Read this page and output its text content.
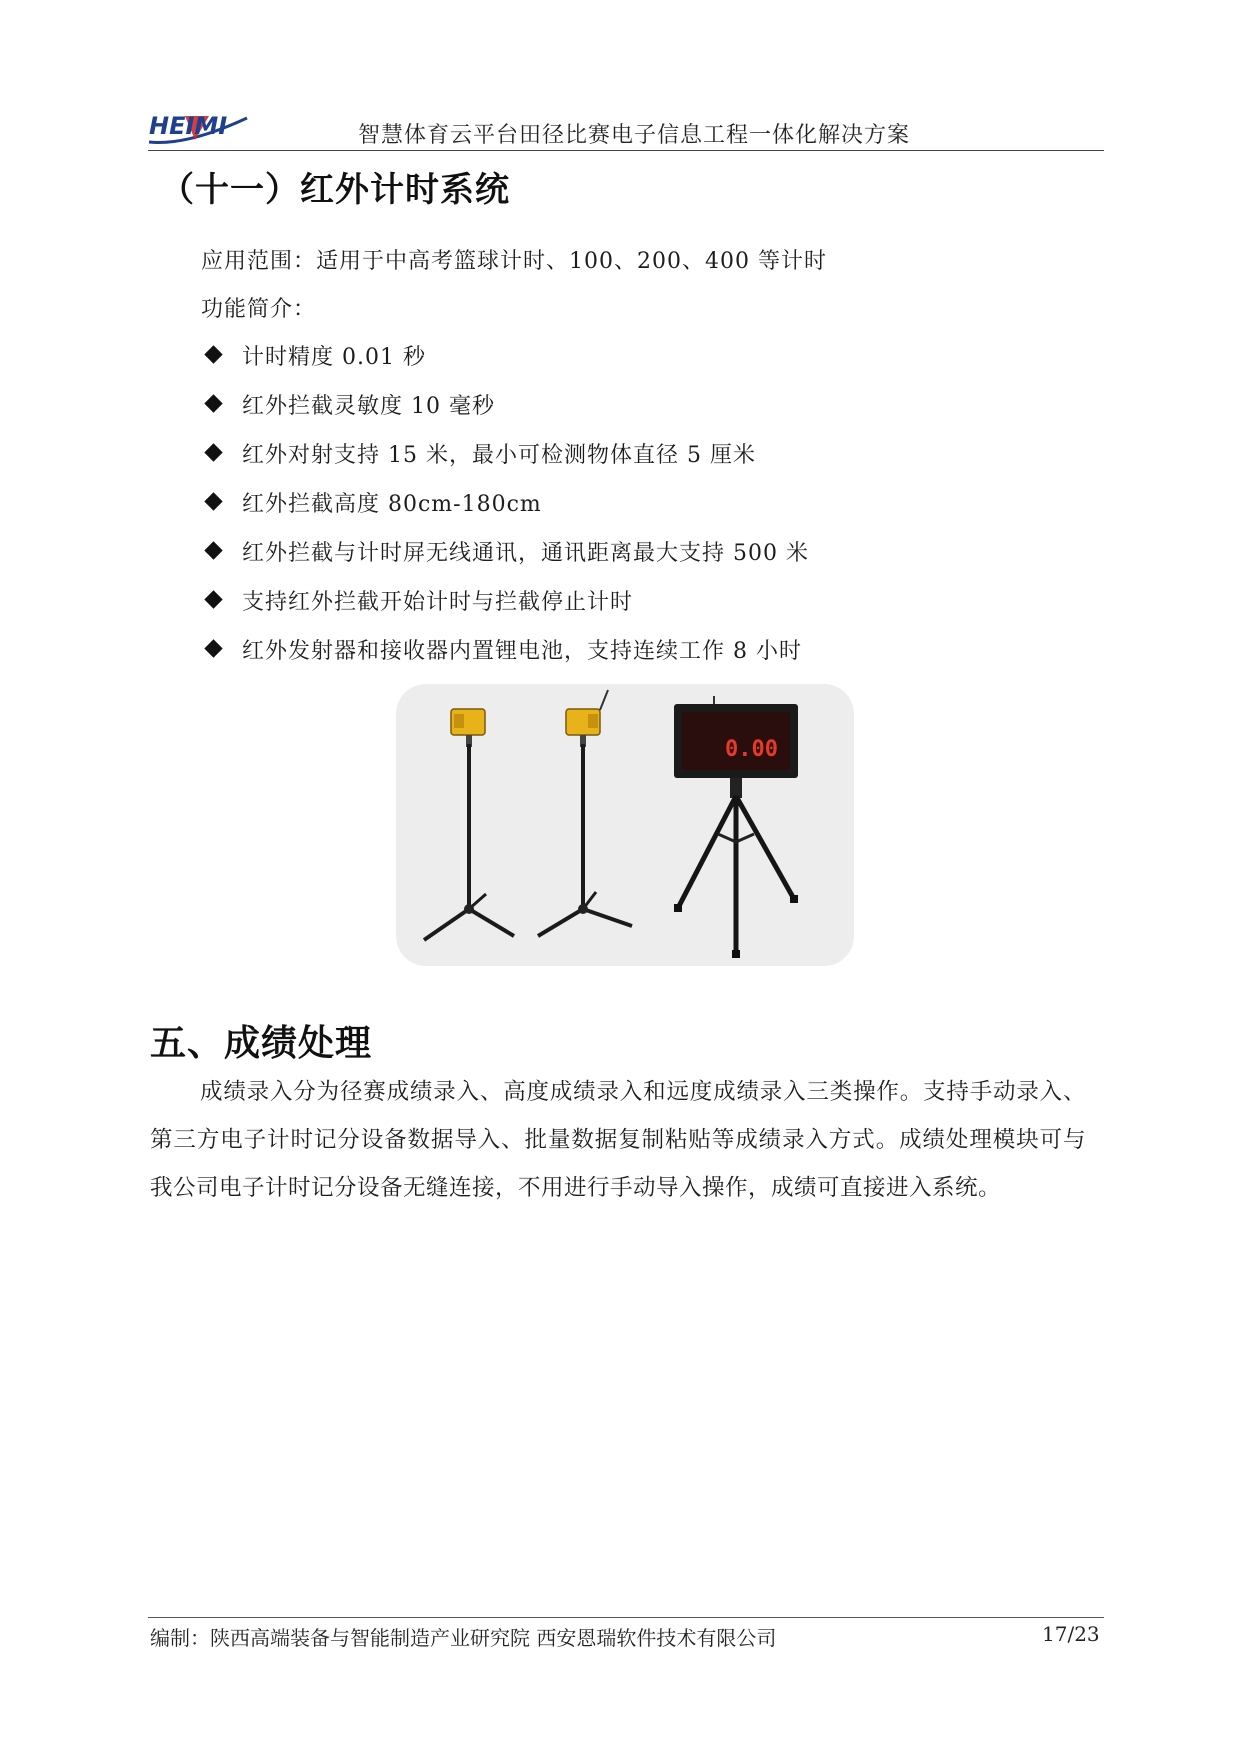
HEIMI	智慧体育云平台田径比赛电子信息工程一体化解决方案
（十一）红外计时系统
应用范围：适用于中高考篮球计时、100、200、400 等计时
功能简介：
计时精度 0.01 秒
红外拦截灵敏度 10 毫秒
红外对射支持 15 米，最小可检测物体直径 5 厘米
红外拦截高度 80cm-180cm
红外拦截与计时屏无线通讯，通讯距离最大支持 500 米
支持红外拦截开始计时与拦截停止计时
红外发射器和接收器内置锂电池，支持连续工作 8 小时
0.00
五、成绩处理
成绩录入分为径赛成绩录入、高度成绩录入和远度成绩录入三类操作。支持手动录入、第三方电子计时记分设备数据导入、批量数据复制粘贴等成绩录入方式。成绩处理模块可与我公司电子计时记分设备无缝连接，不用进行手动导入操作，成绩可直接进入系统。
编制：陕西高端装备与智能制造产业研究院 西安恩瑞软件技术有限公司	17/23
